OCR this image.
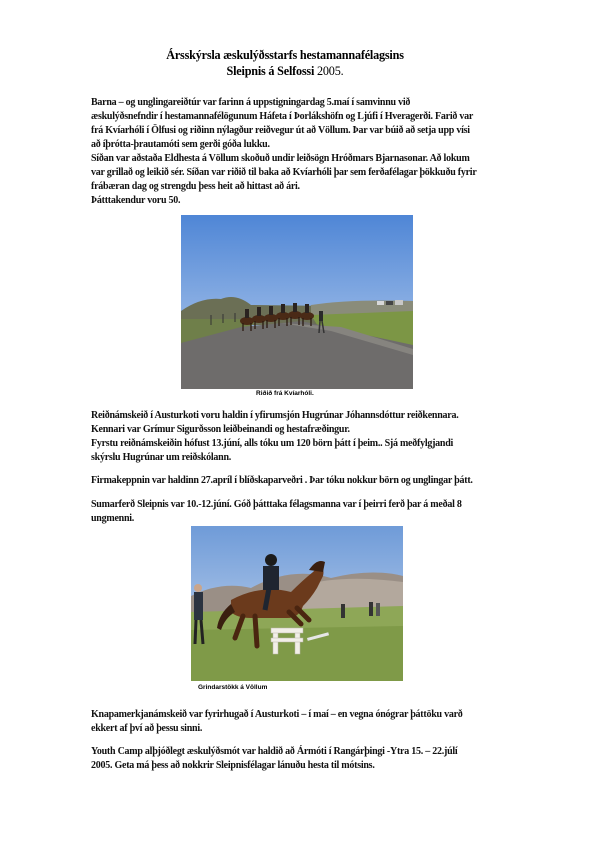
Ársskýrsla æskulýðsstarfs hestamannafélagsins
Sleipnis á Selfossi 2005.
Barna – og unglingareiðtúr var farinn á uppstigningardag 5.maí í samvinnu við
æskulýðsnefndir í hestamannafélögunum Háfeta í Þorlákshöfn og Ljúfi í Hveragerði. Farið var
frá Kvíarhóli í Ölfusi og riðinn nýlagður reiðvegur út að Völlum. Þar var búið að setja upp vísi
að íþrótta-þrautamóti sem gerði góða lukku.
Síðan var aðstaða Eldhesta á Völlum skoðuð undir leiðsögn Hróðmars Bjarnasonar. Að lokum
var grillað og leikið sér. Síðan var riðið til baka að Kvíarhóli þar sem ferðafélagar þökkuðu fyrir
frábæran dag og strengdu þess heit að hittast að ári.
Þátttakendur voru 50.
Riðið frá Kvíarhóli.
Reiðnámskeið í Austurkoti voru haldin í yfirumsjón Hugrúnar Jóhannsdóttur reiðkennara.
Kennari var Grímur Sigurðsson leiðbeinandi og hestafræðingur.
Fyrstu reiðnámskeiðin hófust 13.júní, alls tóku um 120 börn þátt í þeim.. Sjá meðfylgjandi
skýrslu Hugrúnar um reiðskólann.
Firmakeppnin var haldinn 27.apríl í blíðskaparveðri . Þar tóku nokkur börn og unglingar þátt.
Sumarferð Sleipnis var 10.-12.júní. Góð þátttaka félagsmanna var í þeirri ferð þar á meðal 8
ungmenni.
Grindarstökk á Völlum
Knapamerkjanámskeið var fyrirhugað í Austurkoti – í maí – en vegna ónógrar þáttöku varð
ekkert af því að þessu sinni.
Youth Camp alþjóðlegt æskulýðsmót var haldið að Ármóti í Rangárþingi -Ytra 15. – 22.júlí
2005. Geta má þess að nokkrir Sleipnisfélagar lánuðu hesta til mótsins.
